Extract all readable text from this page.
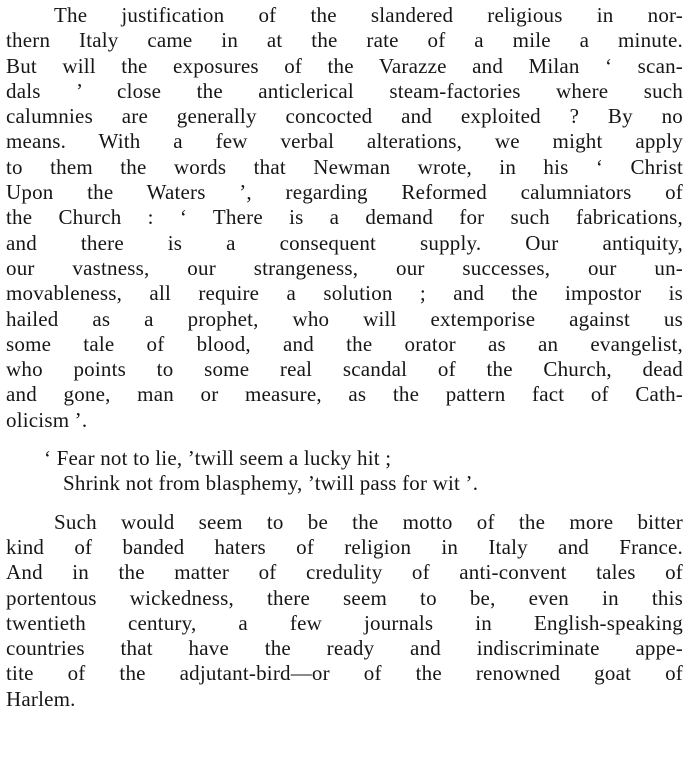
The justification of the slandered religious in nor-
thern Italy came in at the rate of a mile a minute.
But will the exposures of the Varazze and Milan ‘ scan-
dals ’ close the anticlerical steam-factories where such
calumnies are generally concocted and exploited ? By no
means. With a few verbal alterations, we might apply
to them the words that Newman wrote, in his ‘ Christ
Upon the Waters ’, regarding Reformed calumniators of
the Church : ‘ There is a demand for such fabrications,
and there is a consequent supply. Our antiquity,
our vastness, our strangeness, our successes, our un-
movableness, all require a solution ; and the impostor is
hailed as a prophet, who will extemporise against us
some tale of blood, and the orator as an evangelist,
who points to some real scandal of the Church, dead
and gone, man or measure, as the pattern fact of Cath-
olicism ’.
‘ Fear not to lie, ’twill seem a lucky hit ;
Shrink not from blasphemy, ’twill pass for wit ’.
Such would seem to be the motto of the more bitter
kind of banded haters of religion in Italy and France.
And in the matter of credulity of anti-convent tales of
portentous wickedness, there seem to be, even in this
twentieth century, a few journals in English-speaking
countries that have the ready and indiscriminate appe-
tite of the adjutant-bird—or of the renowned goat of
Harlem.
